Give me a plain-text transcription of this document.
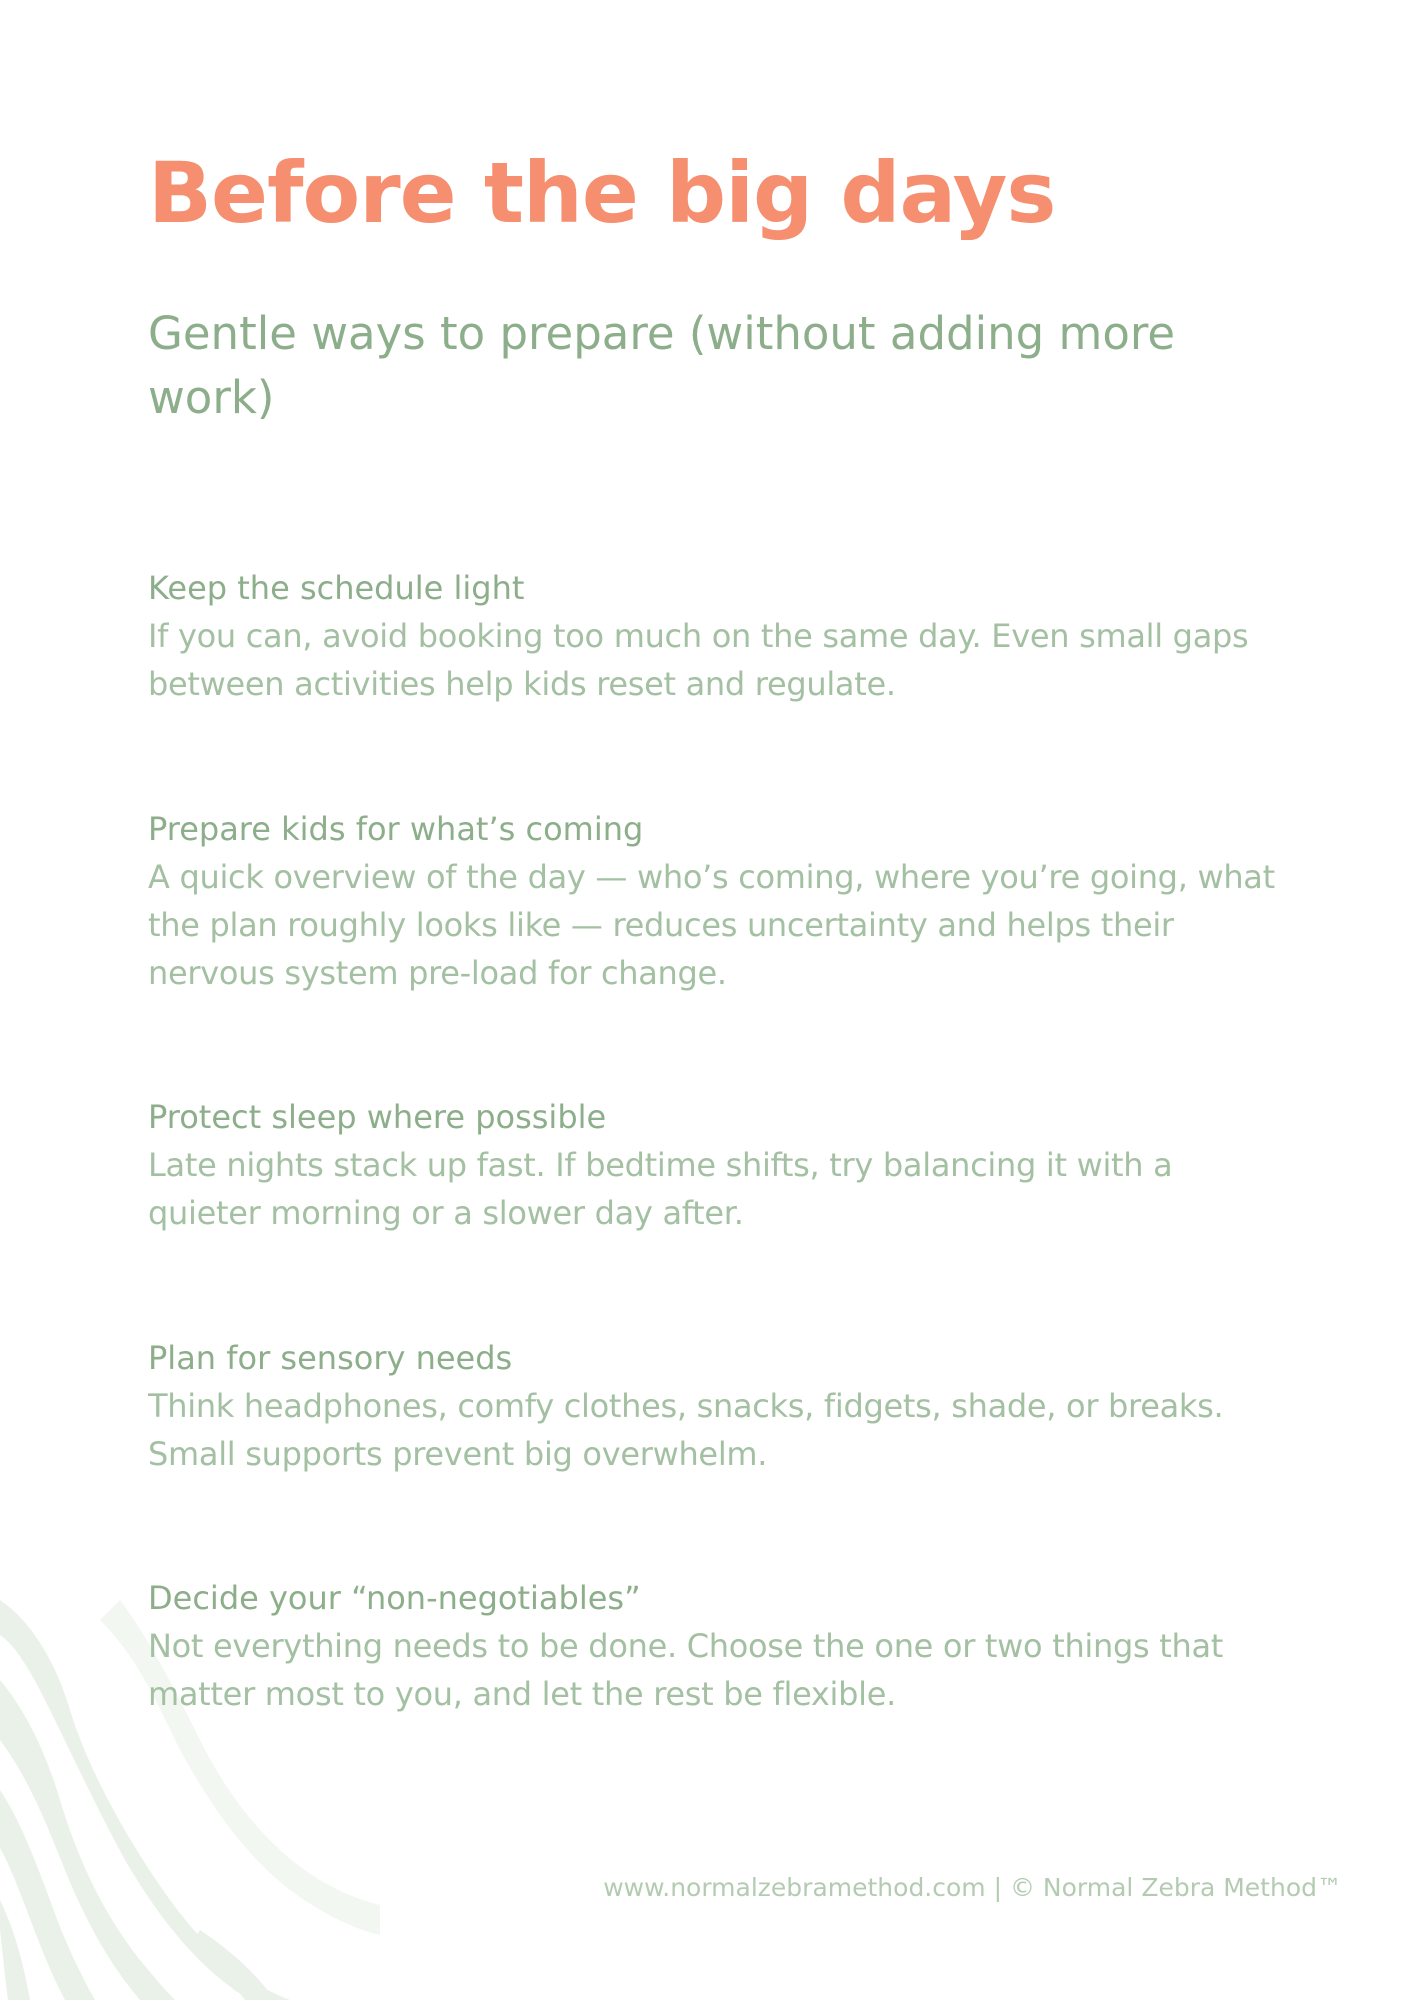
Before the big days
Gentle ways to prepare (without adding more work)
Keep the schedule light

If you can, avoid booking too much on the same day. Even small gaps between activities help kids reset and regulate.

Prepare kids for what’s coming

A quick overview of the day — who’s coming, where you’re going, what the plan roughly looks like — reduces uncertainty and helps their nervous system pre-load for change.

Protect sleep where possible

Late nights stack up fast. If bedtime shifts, try balancing it with a quieter morning or a slower day after.

Plan for sensory needs

Think headphones, comfy clothes, snacks, fidgets, shade, or breaks. Small supports prevent big overwhelm.

Decide your “non-negotiables”

Not everything needs to be done. Choose the one or two things that matter most to you, and let the rest be flexible.

www.normalzebramethod.com | © Normal Zebra Method™
